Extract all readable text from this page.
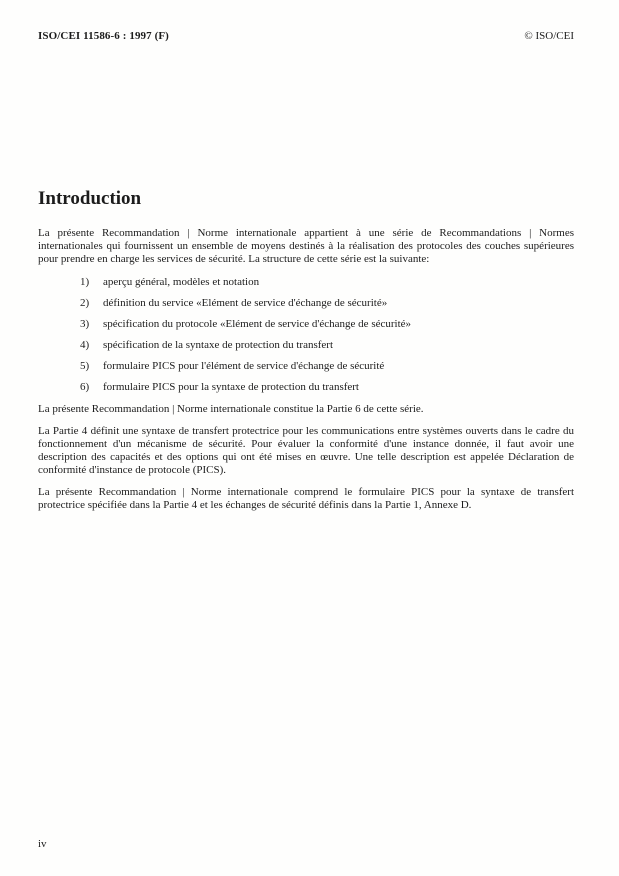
ISO/CEI 11586-6 : 1997 (F)	© ISO/CEI
Introduction

La présente Recommandation | Norme internationale appartient à une série de Recommandations | Normes internationales qui fournissent un ensemble de moyens destinés à la réalisation des protocoles des couches supérieures pour prendre en charge les services de sécurité. La structure de cette série est la suivante:

1)	aperçu général, modèles et notation
2)	définition du service «Elément de service d'échange de sécurité»
3)	spécification du protocole «Elément de service d'échange de sécurité»
4)	spécification de la syntaxe de protection du transfert
5)	formulaire PICS pour l'élément de service d'échange de sécurité
6)	formulaire PICS pour la syntaxe de protection du transfert

La présente Recommandation | Norme internationale constitue la Partie 6 de cette série.

La Partie 4 définit une syntaxe de transfert protectrice pour les communications entre systèmes ouverts dans le cadre du fonctionnement d'un mécanisme de sécurité. Pour évaluer la conformité d'une instance donnée, il faut avoir une description des capacités et des options qui ont été mises en œuvre. Une telle description est appelée Déclaration de conformité d'instance de protocole (PICS).

La présente Recommandation | Norme internationale comprend le formulaire PICS pour la syntaxe de transfert protectrice spécifiée dans la Partie 4 et les échanges de sécurité définis dans la Partie 1, Annexe D.

iv
